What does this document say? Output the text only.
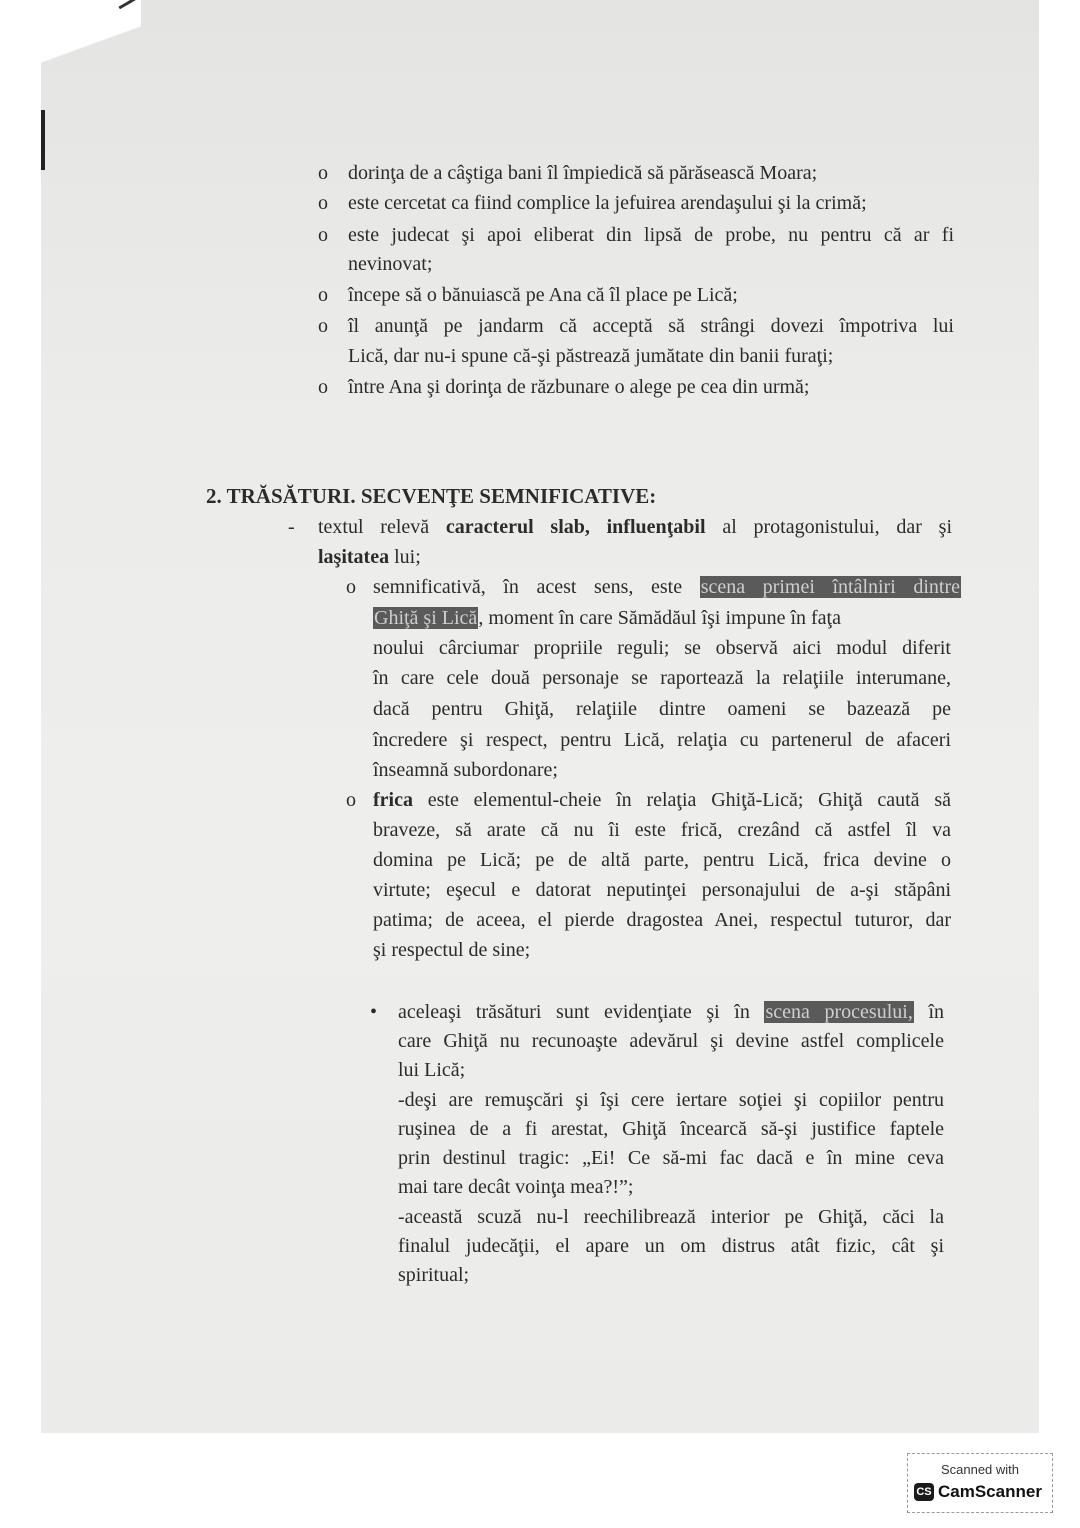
o dorinţa de a câştiga bani îl împiedică să părăsească Moara;
o este cercetat ca fiind complice la jefuirea arendaşului şi la crimă;
o este judecat şi apoi eliberat din lipsă de probe, nu pentru că ar fi
nevinovat;
o începe să o bănuiască pe Ana că îl place pe Lică;
o îl anunţă pe jandarm că acceptă să strângi dovezi împotriva lui
Lică, dar nu-i spune că-şi păstrează jumătate din banii furaţi;
o între Ana şi dorinţa de răzbunare o alege pe cea din urmă;
2. TRĂSĂTURI. SECVENŢE SEMNIFICATIVE:
- textul relevă caracterul slab, influenţabil al protagonistului, dar şi
laşitatea lui;
o semnificativă, în acest sens, este scena primei întâlniri dintre
Ghiţă şi Lică, moment în care Sămădăul îşi impune în faţa
noului cârciumar propriile reguli; se observă aici modul diferit
în care cele două personaje se raportează la relaţiile interumane,
dacă pentru Ghiţă, relaţiile dintre oameni se bazează pe
încredere şi respect, pentru Lică, relaţia cu partenerul de afaceri
înseamnă subordonare;
o frica este elementul-cheie în relaţia Ghiţă-Lică; Ghiţă caută să
braveze, să arate că nu îi este frică, crezând că astfel îl va
domina pe Lică; pe de altă parte, pentru Lică, frica devine o
virtute; eşecul e datorat neputinţei personajului de a-şi stăpâni
patima; de aceea, el pierde dragostea Anei, respectul tuturor, dar
şi respectul de sine;
• aceleaşi trăsături sunt evidenţiate şi în scena procesului, în
care Ghiţă nu recunoaşte adevărul şi devine astfel complicele
lui Lică;
-deşi are remuşcări şi îşi cere iertare soţiei şi copiilor pentru
ruşinea de a fi arestat, Ghiţă încearcă să-şi justifice faptele
prin destinul tragic: „Ei! Ce să-mi fac dacă e în mine ceva
mai tare decât voinţa mea?!”;
-această scuză nu-l reechilibrează interior pe Ghiţă, căci la
finalul judecăţii, el apare un om distrus atât fizic, cât şi
spiritual;
Scanned with
CS CamScanner
